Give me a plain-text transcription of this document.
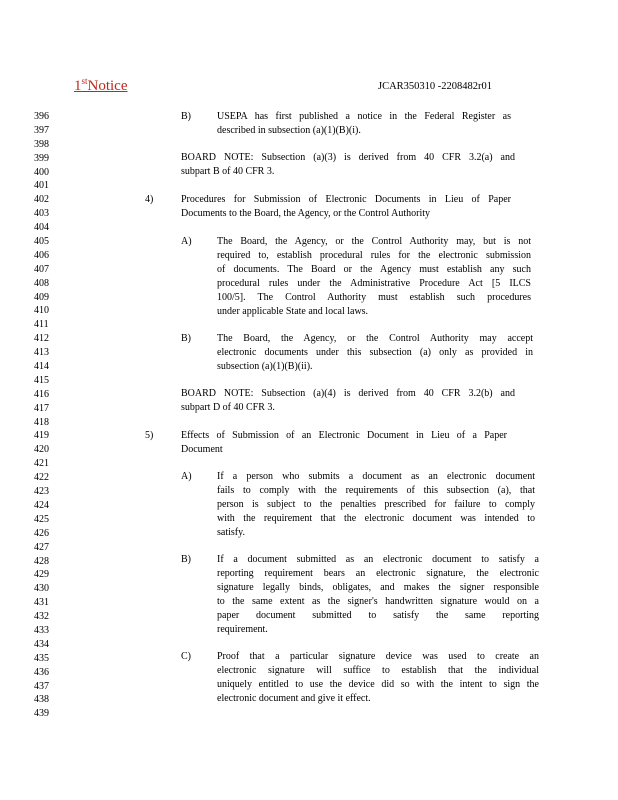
1stNotice	JCAR350310 -2208482r01
396
397
398
399
400
401
402
403
404
405
406
407
408
409
410
411
412
413
414
415
416
417
418
419
420
421
422
423
424
425
426
427
428
429
430
431
432
433
434
435
436
437
438
439
B)	USEPA has first published a notice in the Federal Register as
described in subsection (a)(1)(B)(i).
BOARD NOTE: Subsection (a)(3) is derived from 40 CFR 3.2(a) and
subpart B of 40 CFR 3.
4)	Procedures for Submission of Electronic Documents in Lieu of Paper
Documents to the Board, the Agency, or the Control Authority
A)	The Board, the Agency, or the Control Authority may, but is not
required to, establish procedural rules for the electronic submission
of documents. The Board or the Agency must establish any such
procedural rules under the Administrative Procedure Act [5 ILCS
100/5]. The Control Authority must establish such procedures
under applicable State and local laws.
B)	The Board, the Agency, or the Control Authority may accept
electronic documents under this subsection (a) only as provided in
subsection (a)(1)(B)(ii).
BOARD NOTE: Subsection (a)(4) is derived from 40 CFR 3.2(b) and
subpart D of 40 CFR 3.
5)	Effects of Submission of an Electronic Document in Lieu of a Paper
Document
A)	If a person who submits a document as an electronic document
fails to comply with the requirements of this subsection (a), that
person is subject to the penalties prescribed for failure to comply
with the requirement that the electronic document was intended to
satisfy.
B)	If a document submitted as an electronic document to satisfy a
reporting requirement bears an electronic signature, the electronic
signature legally binds, obligates, and makes the signer responsible
to the same extent as the signer's handwritten signature would on a
paper document submitted to satisfy the same reporting
requirement.
C)	Proof that a particular signature device was used to create an
electronic signature will suffice to establish that the individual
uniquely entitled to use the device did so with the intent to sign the
electronic document and give it effect.
